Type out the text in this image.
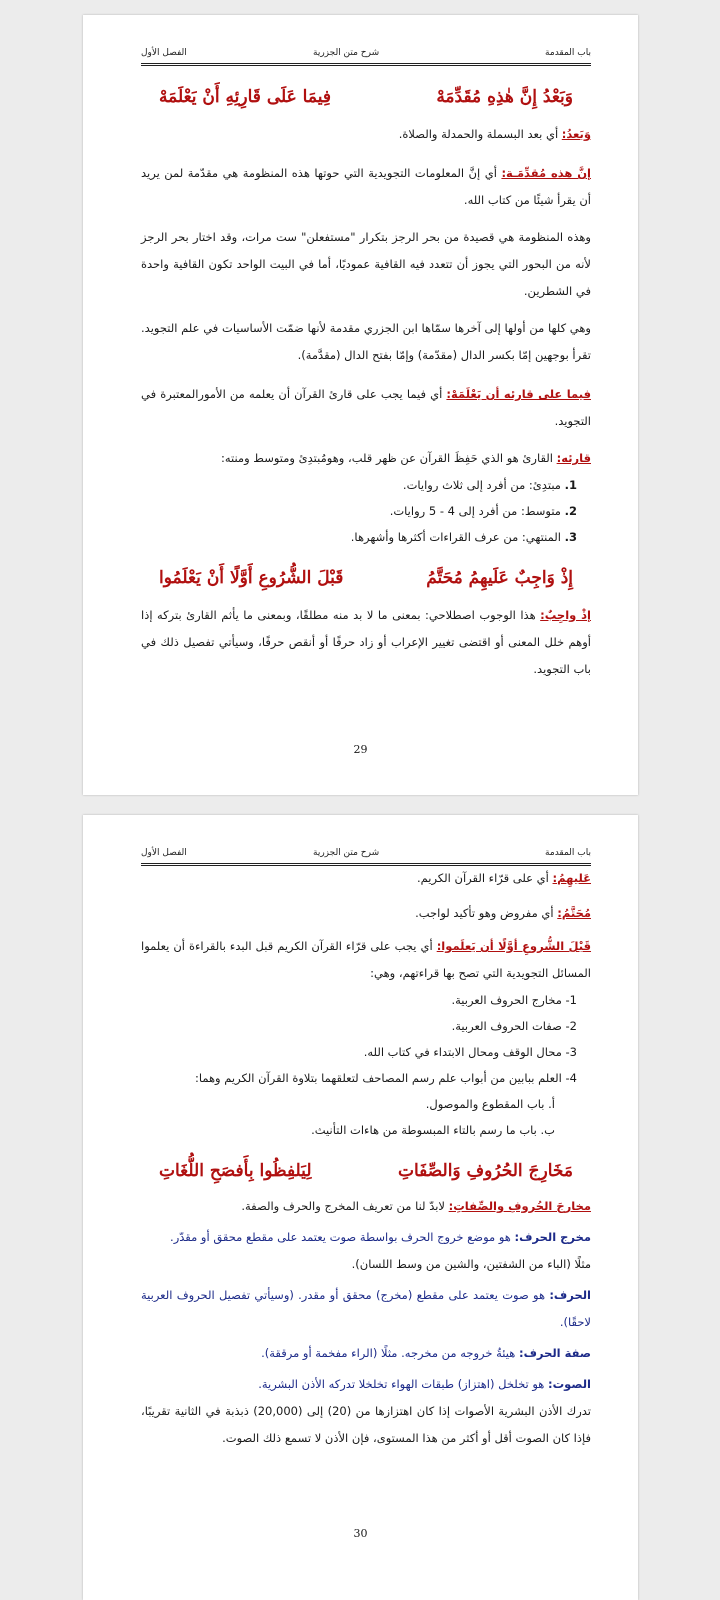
باب المقدمة
شرح متن الجزرية
الفصل الأول
وَبَعْدُ إِنَّ هٰذِهِ مُقَدِّمَهْ
فِيمَا عَلَى قَارِئِهِ أَنْ يَعْلَمَهْ

وَبَعدُ: أي بعد البسملة والحمدلة والصلاة.

إنَّ هذه مُقدِّمَـة: أي إنَّ المعلومات التجويدية التي حوتها هذه المنظومة هي مقدّمة لمن يريد أن يقرأ شيئًا من كتاب الله.

وهذه المنظومة هي قصيدة من بحر الرجز بتكرار "مستفعلن" ست مرات، وقد اختار بحر الرجز لأنه من البحور التي يجوز أن تتعدد فيه القافية عموديًا، أما في البيت الواحد تكون القافية واحدة في الشطرين.

وهي كلها من أولها إلى آخرها سمّاها ابن الجزري مقدمة لأنها ضمّت الأساسيات في علم التجويد. تقرأ بوجهين إمّا بكسر الدال (مقدّمة) وإمّا بفتح الدال (مقدَّمة).

فيما على قارئه أن يَعْلَمَهْ: أي فيما يجب على قارئ القرآن أن يعلمه من الأمورالمعتبرة في التجويد.

قارئه: القارئ هو الذي حَفِظَ القرآن عن ظهر قلب، وهومُبتدِئ ومتوسط ومنته:

1. مبتدِئ: من أفرد إلى ثلاث روايات.
2. متوسط: من أفرد إلى 4 - 5 روايات.
3. المنتهي: من عرف القراءات أكثرها وأشهرها.
إِذْ وَاجِبٌ عَلَيهِمُ مُحَتَّمُ
قَبْلَ الشُّرُوعِ أَوَّلًا أَنْ يَعْلَمُوا

إذْ واجِبٌ: هذا الوجوب اصطلاحي: بمعنى ما لا بد منه مطلقًا، وبمعنى ما يأثم القارئ بتركه إذا أوهم خلل المعنى أو اقتضى تغيير الإعراب أو زاد حرفًا أو أنقص حرفًا، وسيأتي تفصيل ذلك في باب التجويد.

29
باب المقدمة
شرح متن الجزرية
الفصل الأول

عَليهِمُ: أي على قرّاء القرآن الكريم.

مُحَتَّمُ: أي مفروض وهو تأكيد لواجب.

قَبْلَ الشُّروعِ أوَّلًا أن يَعلَموا: أي يجب على قرّاء القرآن الكريم قبل البدء بالقراءة أن يعلموا المسائل التجويدية التي تصح بها قراءتهم، وهي:

1- مخارج الحروف العربية.
2- صفات الحروف العربية.
3- محال الوقف ومحال الابتداء في كتاب الله.
4- العلم ببابين من أبواب علم رسم المصاحف لتعلقهما بتلاوة القرآن الكريم وهما:
أ. باب المقطوع والموصول.
ب. باب ما رسم بالتاء المبسوطة من هاءات التأنيث.
مَخَارِجَ الحُرُوفِ وَالصِّفَاتِ
لِيَلفِظُوا بِأَفصَحِ اللُّغَاتِ

مخارجَ الحُروفِ والصِّفاتِ: لابدّ لنا من تعريف المخرج والحرف والصفة.

مخرج الحرف: هو موضع خروج الحرف بواسطة صوت يعتمد على مقطع محقق أو مقدّر.

مثلًا (الباء من الشفتين، والشين من وسط اللسان).

الحرف: هو صوت يعتمد على مقطع (مخرج) محقق أو مقدر. (وسيأتي تفصيل الحروف العربية لاحقًا).

صفة الحرف: هيئةُ خروجه من مخرجه. مثلًا (الراء مفخمة أو مرققة).

الصوت: هو تخلخل (اهتزاز) طبقات الهواء تخلخلا تدركه الأذن البشرية.

تدرك الأذن البشرية الأصوات إذا كان اهتزازها من (20) إلى (20,000) ذبذبة في الثانية تقريبًا، فإذا كان الصوت أقل أو أكثر من هذا المستوى، فإن الأذن لا تسمع ذلك الصوت.

30
